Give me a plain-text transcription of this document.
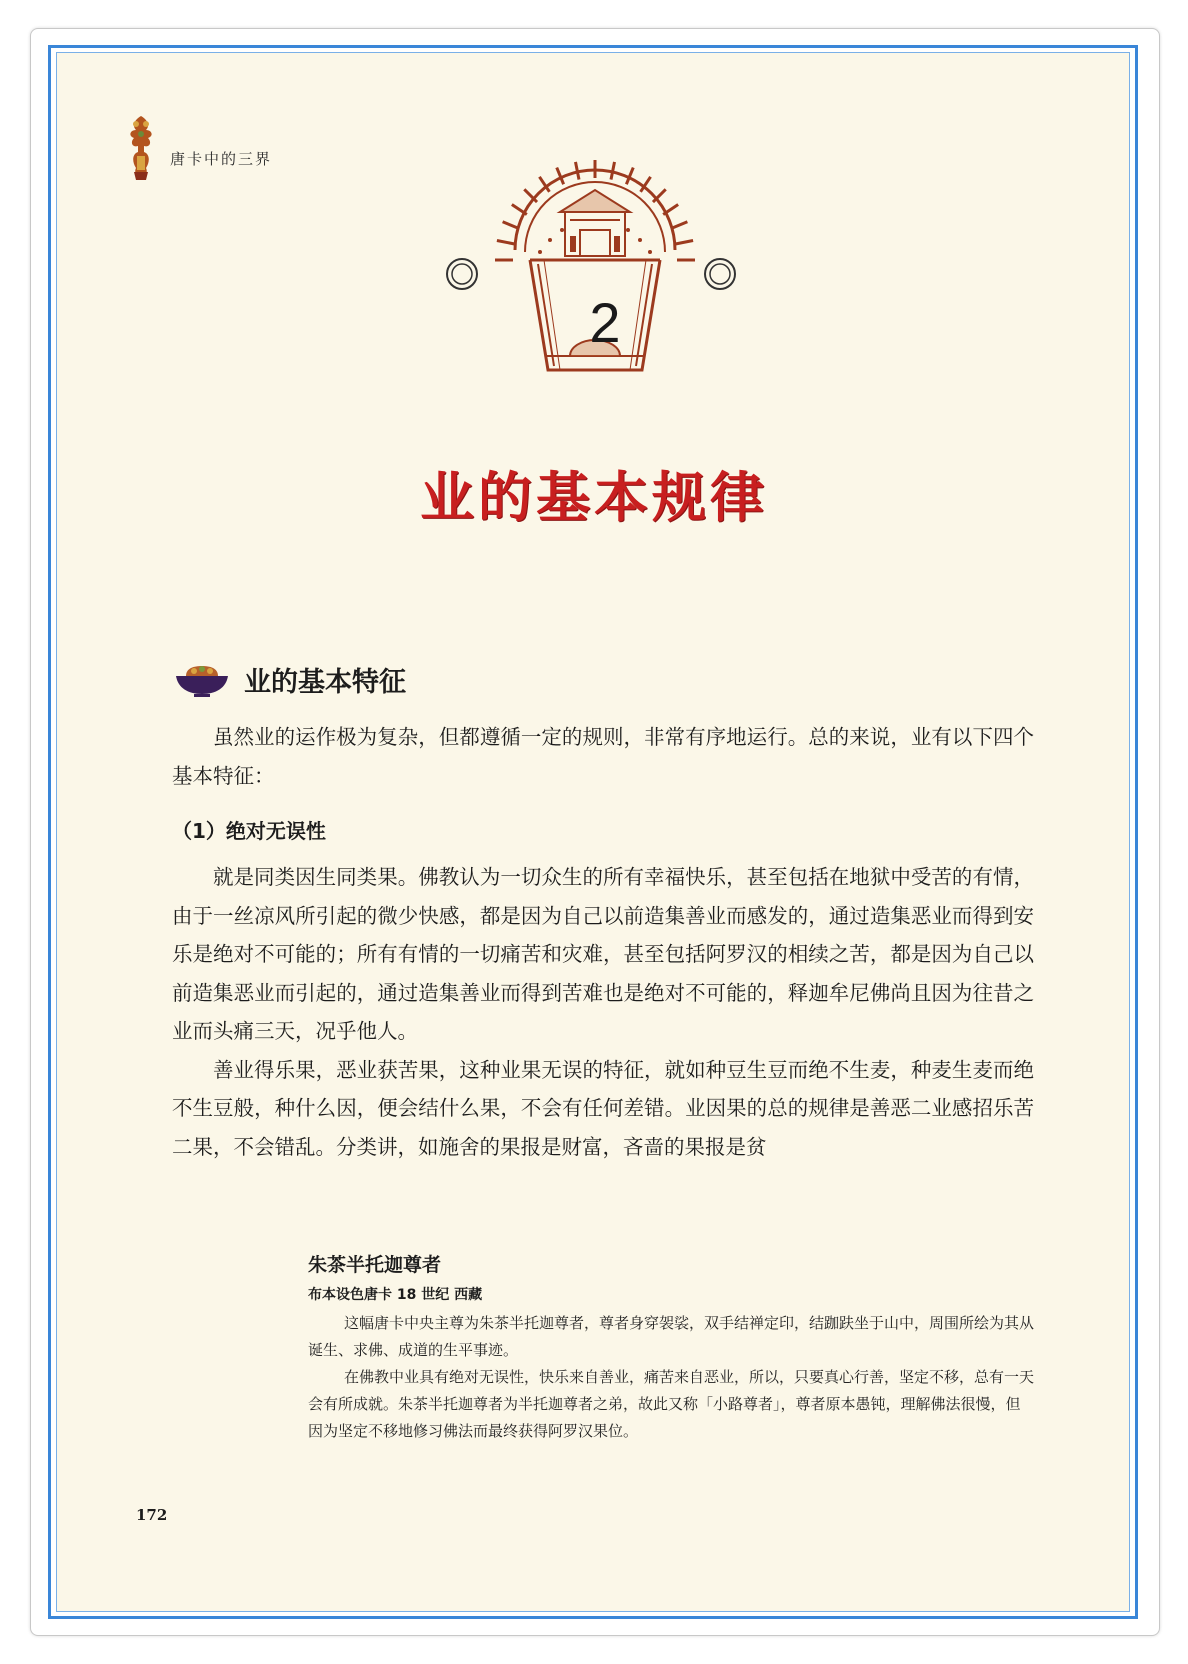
唐卡中的三界
2
业的基本规律
业的基本特征

虽然业的运作极为复杂，但都遵循一定的规则，非常有序地运行。总的来说，业有以下四个基本特征：

（1）绝对无误性

就是同类因生同类果。佛教认为一切众生的所有幸福快乐，甚至包括在地狱中受苦的有情，由于一丝凉风所引起的微少快感，都是因为自己以前造集善业而感发的，通过造集恶业而得到安乐是绝对不可能的；所有有情的一切痛苦和灾难，甚至包括阿罗汉的相续之苦，都是因为自己以前造集恶业而引起的，通过造集善业而得到苦难也是绝对不可能的，释迦牟尼佛尚且因为往昔之业而头痛三天，况乎他人。

善业得乐果，恶业获苦果，这种业果无误的特征，就如种豆生豆而绝不生麦，种麦生麦而绝不生豆般，种什么因，便会结什么果，不会有任何差错。业因果的总的规律是善恶二业感招乐苦二果，不会错乱。分类讲，如施舍的果报是财富，吝啬的果报是贫

朱茶半托迦尊者
布本设色唐卡 18 世纪 西藏

这幅唐卡中央主尊为朱茶半托迦尊者，尊者身穿袈裟，双手结禅定印，结跏趺坐于山中，周围所绘为其从诞生、求佛、成道的生平事迹。

在佛教中业具有绝对无误性，快乐来自善业，痛苦来自恶业，所以，只要真心行善，坚定不移，总有一天会有所成就。朱茶半托迦尊者为半托迦尊者之弟，故此又称「小路尊者」，尊者原本愚钝，理解佛法很慢，但因为坚定不移地修习佛法而最终获得阿罗汉果位。

172
